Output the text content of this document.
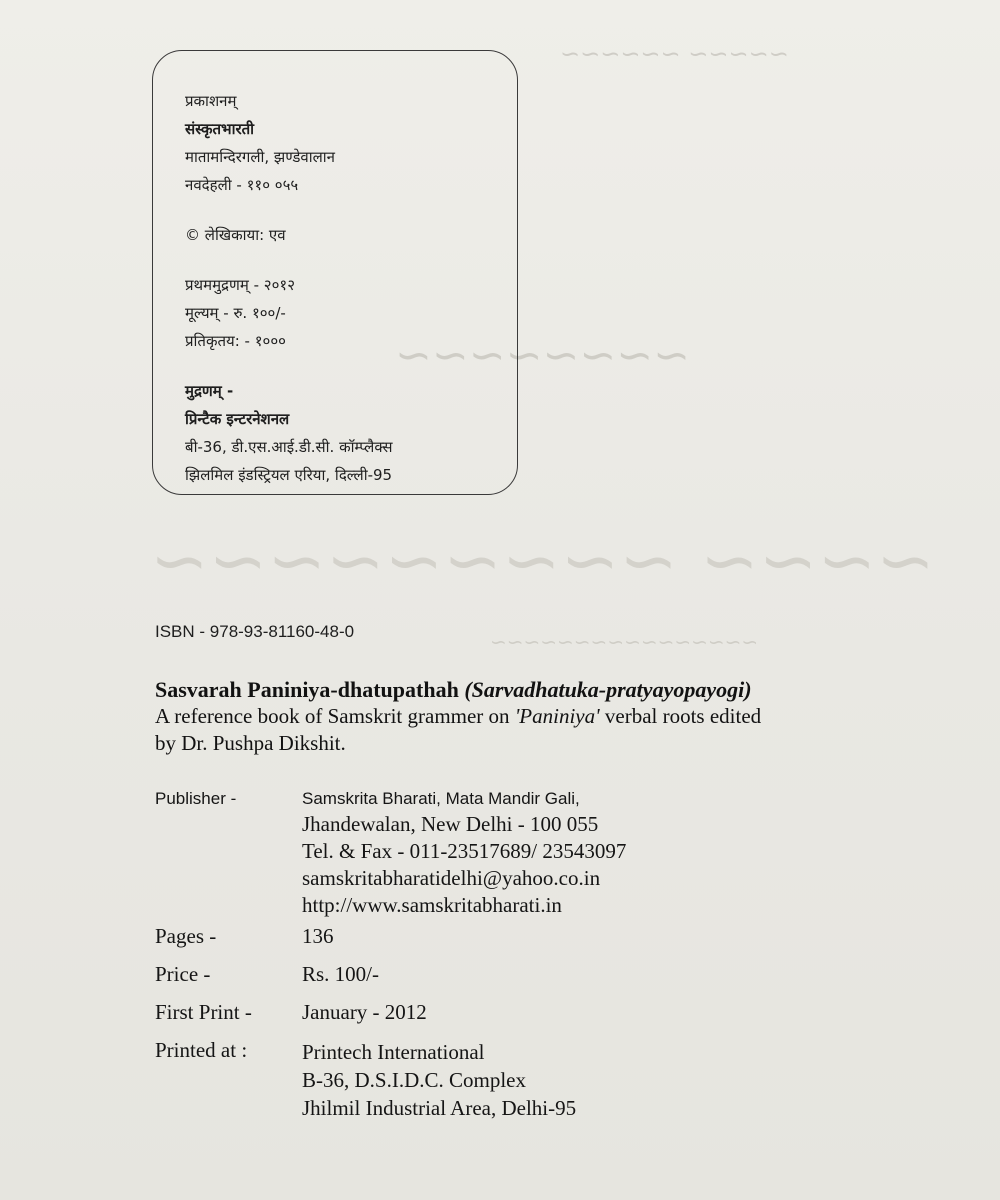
~~~~~ ~~~~~~
~~~~~~~~
~~~~ ~~~~~~~~~
~~~~~~~~~~~~~~~~
प्रकाशनम्
संस्कृतभारती
मातामन्दिरगली, झण्डेवालान
नवदेहली - ११० ०५५
© लेखिकाया: एव
प्रथममुद्रणम् - २०१२
मूल्यम् - रु. १००/-
प्रतिकृतय: - १०००
मुद्रणम् -
प्रिन्टैक इन्टरनेशनल
बी-36, डी.एस.आई.डी.सी. कॉम्प्लैक्स
झिलमिल इंडस्ट्रियल एरिया, दिल्ली-95
ISBN - 978-93-81160-48-0
Sasvarah Paniniya-dhatupathah (Sarvadhatuka-pratyayopayogi)
A reference book of Samskrit grammer on 'Paniniya' verbal roots edited
by Dr. Pushpa Dikshit.
Publisher -	Samskrita Bharati, Mata Mandir Gali,
Jhandewalan, New Delhi - 100 055
Tel. & Fax - 011-23517689/ 23543097
samskritabharatidelhi@yahoo.co.in
http://www.samskritabharati.in
Pages -	136
Price -	Rs. 100/-
First Print -	January - 2012
Printed at :	Printech International
B-36, D.S.I.D.C. Complex
Jhilmil Industrial Area, Delhi-95
